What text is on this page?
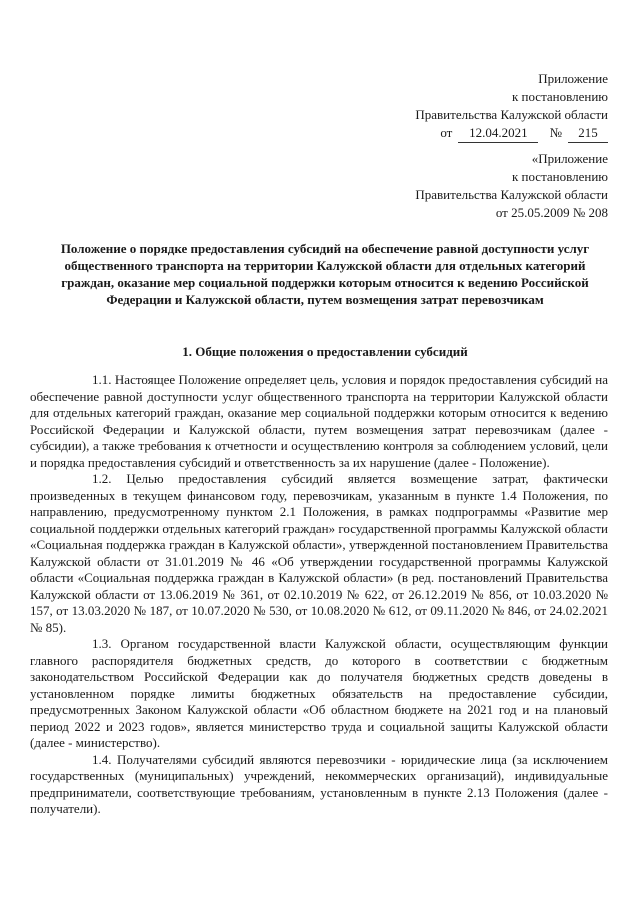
Приложение
к постановлению
Правительства Калужской области
от 12.04.2021 № 215
«Приложение
к постановлению
Правительства Калужской области
от 25.05.2009 № 208
Положение о порядке предоставления субсидий на обеспечение равной доступности услуг общественного транспорта на территории Калужской области для отдельных категорий граждан, оказание мер социальной поддержки которым относится к ведению Российской Федерации и Калужской области, путем возмещения затрат перевозчикам
1. Общие положения о предоставлении субсидий

1.1. Настоящее Положение определяет цель, условия и порядок предоставления субсидий на обеспечение равной доступности услуг общественного транспорта на территории Калужской области для отдельных категорий граждан, оказание мер социальной поддержки которым относится к ведению Российской Федерации и Калужской области, путем возмещения затрат перевозчикам (далее - субсидии), а также требования к отчетности и осуществлению контроля за соблюдением условий, цели и порядка предоставления субсидий и ответственность за их нарушение (далее - Положение).

1.2. Целью предоставления субсидий является возмещение затрат, фактически произведенных в текущем финансовом году, перевозчикам, указанным в пункте 1.4 Положения, по направлению, предусмотренному пунктом 2.1 Положения, в рамках подпрограммы «Развитие мер социальной поддержки отдельных категорий граждан» государственной программы Калужской области «Социальная поддержка граждан в Калужской области», утвержденной постановлением Правительства Калужской области от 31.01.2019 № 46 «Об утверждении государственной программы Калужской области «Социальная поддержка граждан в Калужской области» (в ред. постановлений Правительства Калужской области от 13.06.2019 № 361, от 02.10.2019 № 622, от 26.12.2019 № 856, от 10.03.2020 № 157, от 13.03.2020 № 187, от 10.07.2020 № 530, от 10.08.2020 № 612, от 09.11.2020 № 846, от 24.02.2021 № 85).

1.3. Органом государственной власти Калужской области, осуществляющим функции главного распорядителя бюджетных средств, до которого в соответствии с бюджетным законодательством Российской Федерации как до получателя бюджетных средств доведены в установленном порядке лимиты бюджетных обязательств на предоставление субсидии, предусмотренных Законом Калужской области «Об областном бюджете на 2021 год и на плановый период 2022 и 2023 годов», является министерство труда и социальной защиты Калужской области (далее - министерство).

1.4. Получателями субсидий являются перевозчики - юридические лица (за исключением государственных (муниципальных) учреждений, некоммерческих организаций), индивидуальные предприниматели, соответствующие требованиям, установленным в пункте 2.13 Положения (далее - получатели).
